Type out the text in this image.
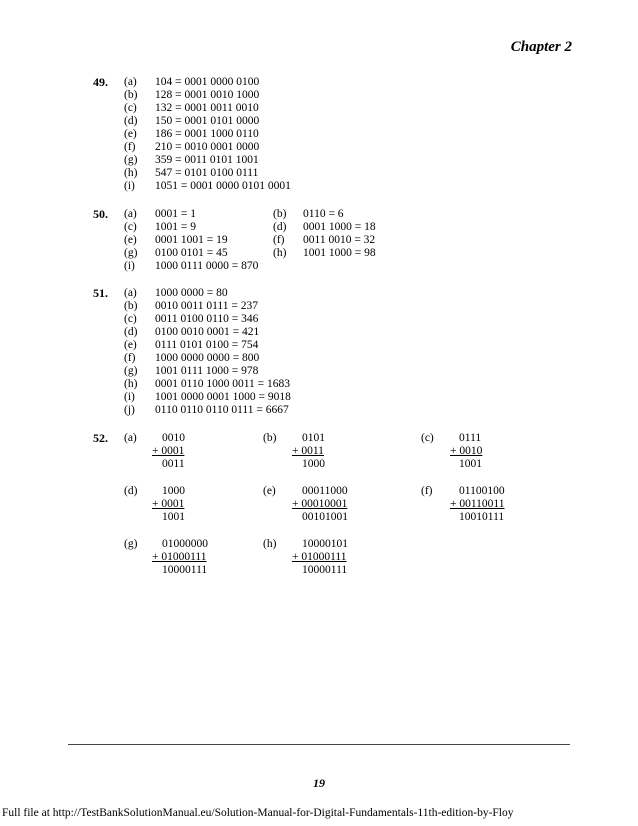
Chapter 2
49. (a) 104 = 0001 0000 0100
(b) 128 = 0001 0010 1000
(c) 132 = 0001 0011 0010
(d) 150 = 0001 0101 0000
(e) 186 = 0001 1000 0110
(f) 210 = 0010 0001 0000
(g) 359 = 0011 0101 1001
(h) 547 = 0101 0100 0111
(i) 1051 = 0001 0000 0101 0001
50. (a) 0001 = 1
(c) 1001 = 9
(e) 0001 1001 = 19
(g) 0100 0101 = 45
(i) 1000 0111 0000 = 870
(b) 0110 = 6
(d) 0001 1000 = 18
(f) 0011 0010 = 32
(h) 1001 1000 = 98
51. (a) 1000 0000 = 80
(b) 0010 0011 0111 = 237
(c) 0011 0100 0110 = 346
(d) 0100 0010 0001 = 421
(e) 0111 0101 0100 = 754
(f) 1000 0000 0000 = 800
(g) 1001 0111 1000 = 978
(h) 0001 0110 1000 0011 = 1683
(i) 1001 0000 0001 1000 = 9018
(j) 0110 0110 0110 0111 = 6667
52. (a) 0010
+ 0001
0011
(b) 0101
+ 0011
1000
(c) 0111
+ 0010
1001
(d) 1000
+ 0001
1001
(e) 00011000
+ 00010001
00101001
(f) 01100100
+ 00110011
10010111
(g) 01000000
+ 01000111
10000111
(h) 10000101
+ 01000111
10000111
19
Full file at http://TestBankSolutionManual.eu/Solution-Manual-for-Digital-Fundamentals-11th-edition-by-Floy
